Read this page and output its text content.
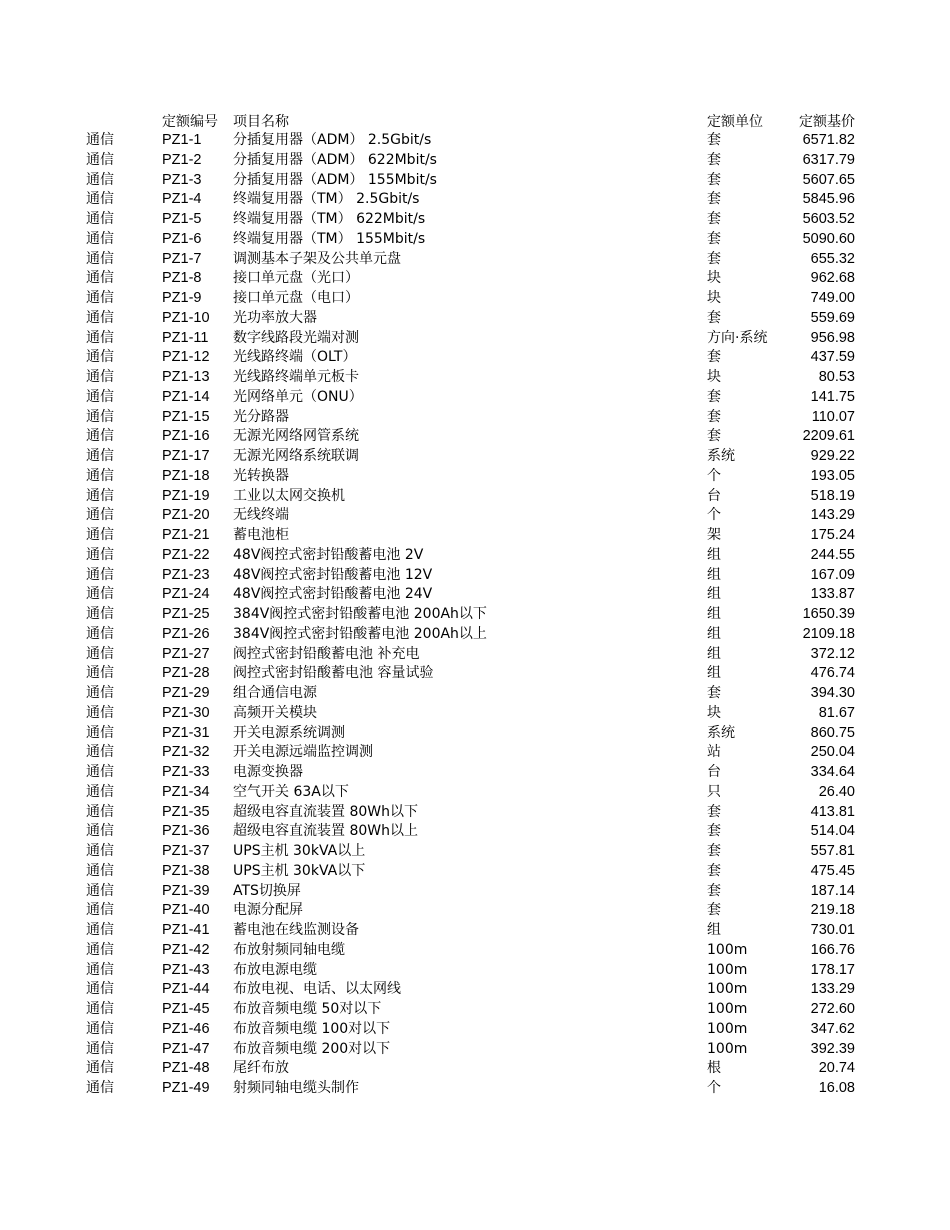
定额编号 项目名称	定额单位	定额基价
通信	PZ1-1 分插复用器（ADM） 2.5Gbit/s	套	6571.82
通信	PZ1-2 分插复用器（ADM） 622Mbit/s	套	6317.79
通信	PZ1-3 分插复用器（ADM） 155Mbit/s	套	5607.65
通信	PZ1-4 终端复用器（TM） 2.5Gbit/s	套	5845.96
通信	PZ1-5 终端复用器（TM） 622Mbit/s	套	5603.52
通信	PZ1-6 终端复用器（TM） 155Mbit/s	套	5090.60
通信	PZ1-7 调测基本子架及公共单元盘	套	655.32
通信	PZ1-8 接口单元盘（光口）	块	962.68
通信	PZ1-9 接口单元盘（电口）	块	749.00
通信	PZ1-10 光功率放大器	套	559.69
通信	PZ1-11 数字线路段光端对测	方向·系统	956.98
通信	PZ1-12 光线路终端（OLT）	套	437.59
通信	PZ1-13 光线路终端单元板卡	块	80.53
通信	PZ1-14 光网络单元（ONU）	套	141.75
通信	PZ1-15 光分路器	套	110.07
通信	PZ1-16 无源光网络网管系统	套	2209.61
通信	PZ1-17 无源光网络系统联调	系统	929.22
通信	PZ1-18 光转换器	个	193.05
通信	PZ1-19 工业以太网交换机	台	518.19
通信	PZ1-20 无线终端	个	143.29
通信	PZ1-21 蓄电池柜	架	175.24
通信	PZ1-22 48V阀控式密封铅酸蓄电池 2V	组	244.55
通信	PZ1-23 48V阀控式密封铅酸蓄电池 12V	组	167.09
通信	PZ1-24 48V阀控式密封铅酸蓄电池 24V	组	133.87
通信	PZ1-25 384V阀控式密封铅酸蓄电池 200Ah以下	组	1650.39
通信	PZ1-26 384V阀控式密封铅酸蓄电池 200Ah以上	组	2109.18
通信	PZ1-27 阀控式密封铅酸蓄电池 补充电	组	372.12
通信	PZ1-28 阀控式密封铅酸蓄电池 容量试验	组	476.74
通信	PZ1-29 组合通信电源	套	394.30
通信	PZ1-30 高频开关模块	块	81.67
通信	PZ1-31 开关电源系统调测	系统	860.75
通信	PZ1-32 开关电源远端监控调测	站	250.04
通信	PZ1-33 电源变换器	台	334.64
通信	PZ1-34 空气开关 63A以下	只	26.40
通信	PZ1-35 超级电容直流装置 80Wh以下	套	413.81
通信	PZ1-36 超级电容直流装置 80Wh以上	套	514.04
通信	PZ1-37 UPS主机 30kVA以上	套	557.81
通信	PZ1-38 UPS主机 30kVA以下	套	475.45
通信	PZ1-39 ATS切换屏	套	187.14
通信	PZ1-40 电源分配屏	套	219.18
通信	PZ1-41 蓄电池在线监测设备	组	730.01
通信	PZ1-42 布放射频同轴电缆	100m	166.76
通信	PZ1-43 布放电源电缆	100m	178.17
通信	PZ1-44 布放电视、电话、以太网线	100m	133.29
通信	PZ1-45 布放音频电缆 50对以下	100m	272.60
通信	PZ1-46 布放音频电缆 100对以下	100m	347.62
通信	PZ1-47 布放音频电缆 200对以下	100m	392.39
通信	PZ1-48 尾纤布放	根	20.74
通信	PZ1-49 射频同轴电缆头制作	个	16.08
